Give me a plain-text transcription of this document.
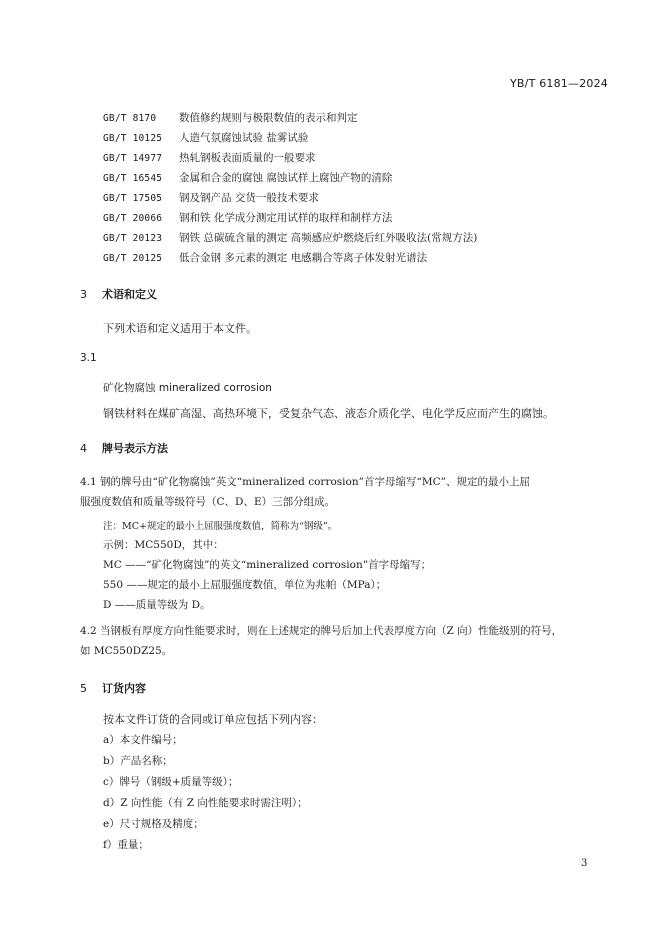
YB/T 6181—2024
GB/T 8170 数值修约规则与极限数值的表示和判定
GB/T 10125 人造气氛腐蚀试验 盐雾试验
GB/T 14977 热轧钢板表面质量的一般要求
GB/T 16545 金属和合金的腐蚀 腐蚀试样上腐蚀产物的清除
GB/T 17505 钢及钢产品 交货一般技术要求
GB/T 20066 钢和铁 化学成分测定用试样的取样和制样方法
GB/T 20123 钢铁 总碳硫含量的测定 高频感应炉燃烧后红外吸收法(常规方法)
GB/T 20125 低合金钢 多元素的测定 电感耦合等离子体发射光谱法
3 术语和定义
下列术语和定义适用于本文件。
3.1
矿化物腐蚀 mineralized corrosion
钢铁材料在煤矿高湿、高热环境下，受复杂气态、液态介质化学、电化学反应而产生的腐蚀。
4 牌号表示方法
4.1 钢的牌号由“矿化物腐蚀”英文“mineralized corrosion”首字母缩写“MC”、规定的最小上屈
服强度数值和质量等级符号（C、D、E）三部分组成。
注：MC+规定的最小上屈服强度数值，简称为“钢级”。
示例：MC550D，其中：
MC ——“矿化物腐蚀”的英文“mineralized corrosion”首字母缩写；
550 ——规定的最小上屈服强度数值，单位为兆帕（MPa）；
D ——质量等级为 D。
4.2 当钢板有厚度方向性能要求时，则在上述规定的牌号后加上代表厚度方向（Z 向）性能级别的符号，
如 MC550DZ25。
5 订货内容
按本文件订货的合同或订单应包括下列内容：
a）本文件编号；
b）产品名称；
c）牌号（钢级+质量等级）；
d）Z 向性能（有 Z 向性能要求时需注明）；
e）尺寸规格及精度；
f）重量；
3
